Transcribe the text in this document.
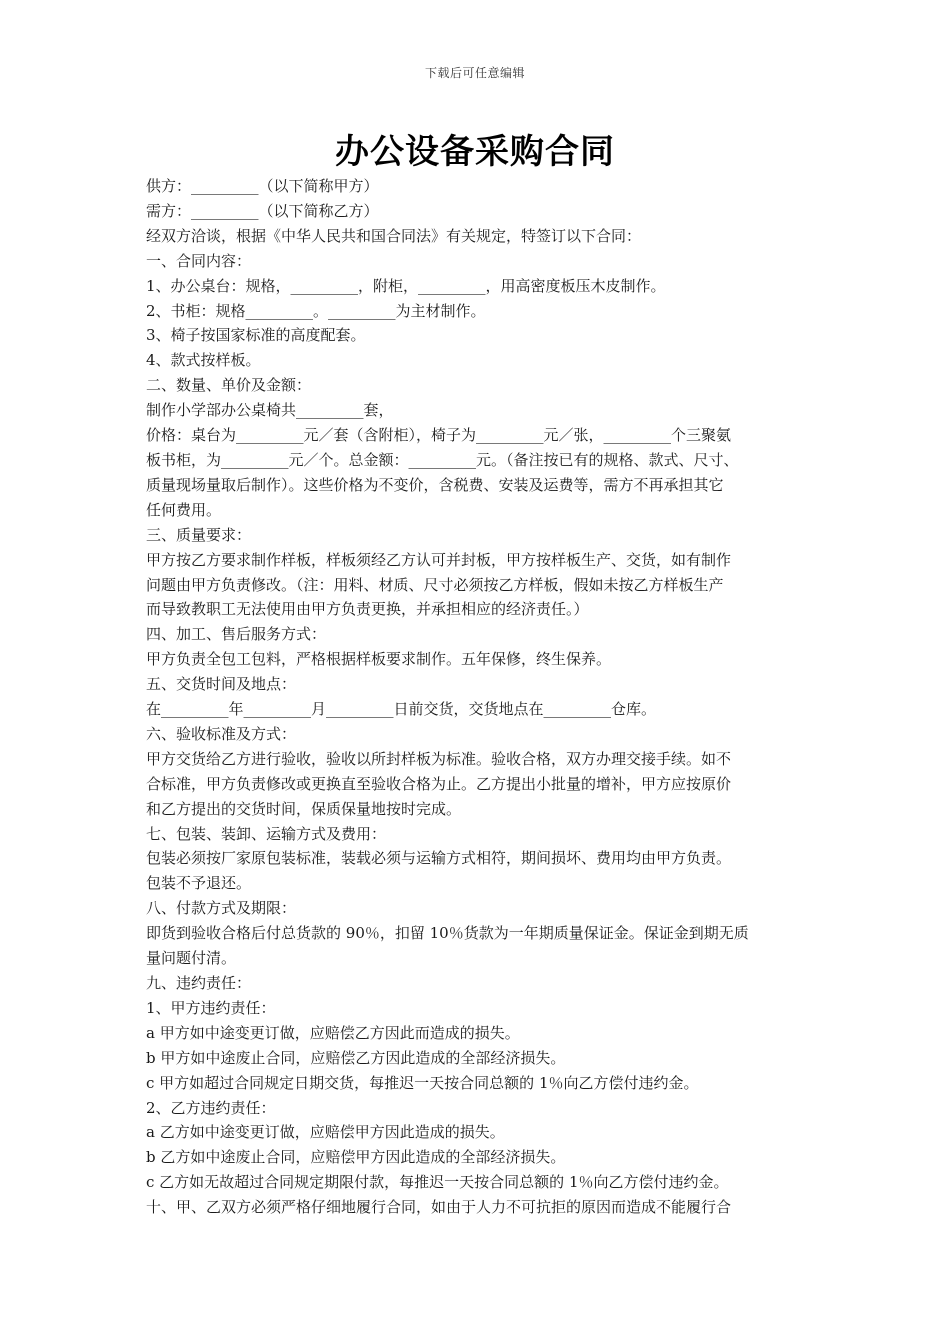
下载后可任意编辑
办公设备采购合同

供方：_________（以下简称甲方）

需方：_________（以下简称乙方）

经双方洽谈，根据《中华人民共和国合同法》有关规定，特签订以下合同：

一、合同内容：

1、办公桌台：规格，_________，附柜，_________，用高密度板压木皮制作。

2、书柜：规格_________。_________为主材制作。

3、椅子按国家标准的高度配套。

4、款式按样板。

二、数量、单价及金额：

制作小学部办公桌椅共_________套，

价格：桌台为_________元／套（含附柜），椅子为_________元／张，_________个三聚氨

板书柜，为_________元／个。总金额：_________元。（备注按已有的规格、款式、尺寸、

质量现场量取后制作）。这些价格为不变价，含税费、安装及运费等，需方不再承担其它

任何费用。

三、质量要求：

甲方按乙方要求制作样板，样板须经乙方认可并封板，甲方按样板生产、交货，如有制作

问题由甲方负责修改。（注：用料、材质、尺寸必须按乙方样板，假如未按乙方样板生产

而导致教职工无法使用由甲方负责更换，并承担相应的经济责任。）

四、加工、售后服务方式：

甲方负责全包工包料，严格根据样板要求制作。五年保修，终生保养。

五、交货时间及地点：

在_________年_________月_________日前交货，交货地点在_________仓库。

六、验收标准及方式：

甲方交货给乙方进行验收，验收以所封样板为标准。验收合格，双方办理交接手续。如不

合标准，甲方负责修改或更换直至验收合格为止。乙方提出小批量的增补，甲方应按原价

和乙方提出的交货时间，保质保量地按时完成。

七、包装、装卸、运输方式及费用：

包装必须按厂家原包装标准，装载必须与运输方式相符，期间损坏、费用均由甲方负责。

包装不予退还。

八、付款方式及期限：

即货到验收合格后付总货款的 90％，扣留 10％货款为一年期质量保证金。保证金到期无质

量问题付清。

九、违约责任：

1、甲方违约责任：

a 甲方如中途变更订做，应赔偿乙方因此而造成的损失。

b 甲方如中途废止合同，应赔偿乙方因此造成的全部经济损失。

c 甲方如超过合同规定日期交货，每推迟一天按合同总额的 1％向乙方偿付违约金。

2、乙方违约责任：

a 乙方如中途变更订做，应赔偿甲方因此造成的损失。

b 乙方如中途废止合同，应赔偿甲方因此造成的全部经济损失。

c 乙方如无故超过合同规定期限付款，每推迟一天按合同总额的 1％向乙方偿付违约金。

十、甲、乙双方必须严格仔细地履行合同，如由于人力不可抗拒的原因而造成不能履行合
